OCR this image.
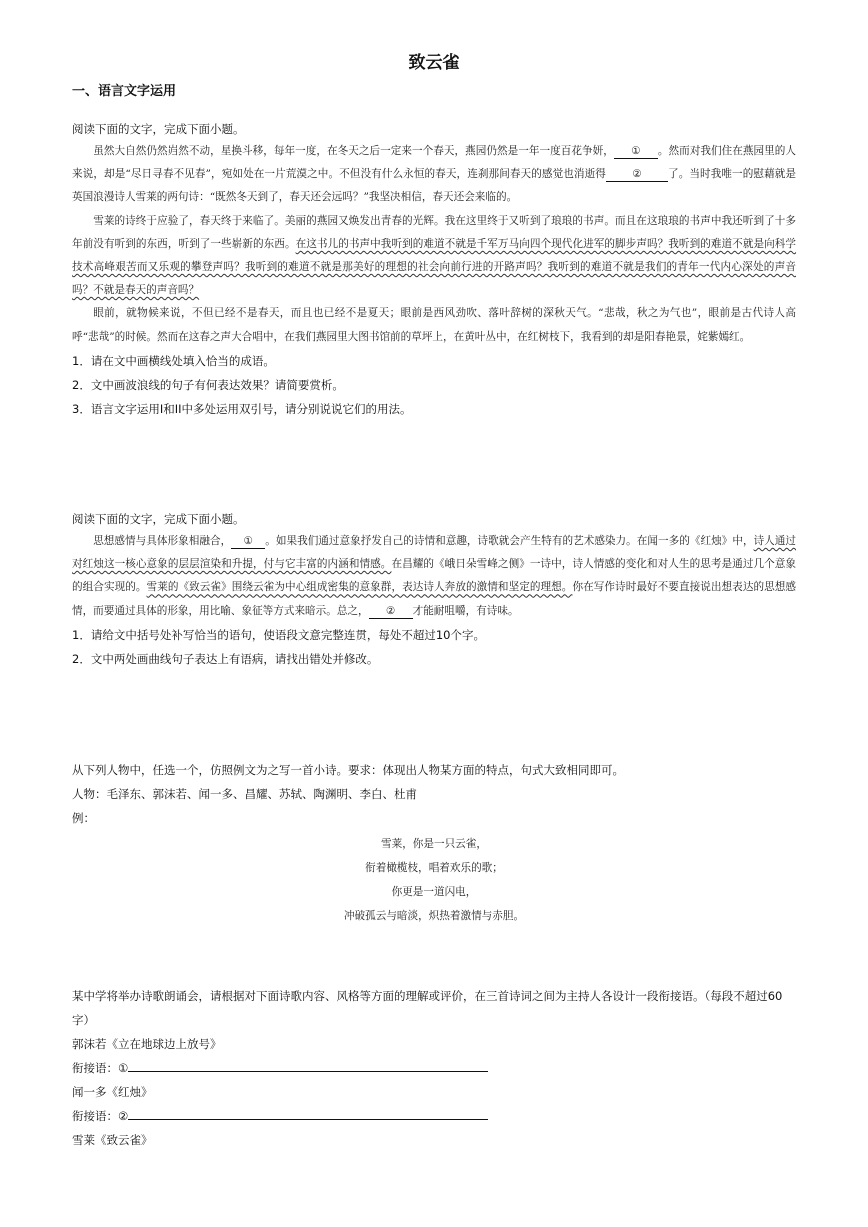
致云雀
一、语言文字运用
阅读下面的文字，完成下面小题。
虽然大自然仍然岿然不动，星换斗移，每年一度，在冬天之后一定来一个春天，燕园仍然是一年一度百花争妍， ① 。然而对我们住在燕园里的人来说，却是“尽日寻春不见春”，宛如处在一片荒漠之中。不但没有什么永恒的春天，连刹那间春天的感觉也消逝得 ② 了。当时我唯一的慰藉就是英国浪漫诗人雪莱的两句诗：“既然冬天到了，春天还会远吗？”我坚决相信，春天还会来临的。
雪莱的诗终于应验了，春天终于来临了。美丽的燕园又焕发出青春的光辉。我在这里终于又听到了琅琅的书声。而且在这琅琅的书声中我还听到了十多年前没有听到的东西，听到了一些崭新的东西。在这书儿的书声中我听到的难道不就是千军万马向四个现代化进军的脚步声吗？我听到的难道不就是向科学技术高峰艰苦而又乐观的攀登声吗？我听到的难道不就是那美好的理想的社会向前行进的开路声吗？我听到的难道不就是我们的青年一代内心深处的声音吗？不就是春天的声音吗？
眼前，就物候来说，不但已经不是春天，而且也已经不是夏天；眼前是西风劲吹、落叶辞树的深秋天气。“悲哉，秋之为气也”，眼前是古代诗人高呼“悲哉”的时候。然而在这春之声大合唱中，在我们燕园里大图书馆前的草坪上，在黄叶丛中，在红树枝下，我看到的却是阳春艳景，姹紫嫣红。
1．请在文中画横线处填入恰当的成语。
2．文中画波浪线的句子有何表达效果？请简要赏析。
3．语言文字运用I和II中多处运用双引号，请分别说说它们的用法。
阅读下面的文字，完成下面小题。
思想感情与具体形象相融合， ① 。如果我们通过意象抒发自己的诗情和意趣，诗歌就会产生特有的艺术感染力。在闻一多的《红烛》中，诗人通过对红烛这一核心意象的层层渲染和升提，付与它丰富的内涵和情感。在昌耀的《峨日朵雪峰之侧》一诗中，诗人情感的变化和对人生的思考是通过几个意象的组合实现的。雪莱的《致云雀》围绕云雀为中心组成密集的意象群，表达诗人奔放的激情和坚定的理想。你在写作诗时最好不要直接说出想表达的思想感情，而要通过具体的形象，用比喻、象征等方式来暗示。总之， ② 才能耐咀嚼，有诗味。
1．请给文中括号处补写恰当的语句，使语段文意完整连贯，每处不超过10个字。
2．文中两处画曲线句子表达上有语病，请找出错处并修改。
从下列人物中，任选一个，仿照例文为之写一首小诗。要求：体现出人物某方面的特点，句式大致相同即可。
人物：毛泽东、郭沫若、闻一多、昌耀、苏轼、陶渊明、李白、杜甫
例：
雪莱，你是一只云雀，
衔着橄榄枝，唱着欢乐的歌；
你更是一道闪电，
冲破孤云与暗淡，炽热着激情与赤胆。
某中学将举办诗歌朗诵会，请根据对下面诗歌内容、风格等方面的理解或评价，在三首诗词之间为主持人各设计一段衔接语。（每段不超过60字）
郭沫若《立在地球边上放号》
衔接语：①
闻一多《红烛》
衔接语：②
雪莱《致云雀》
